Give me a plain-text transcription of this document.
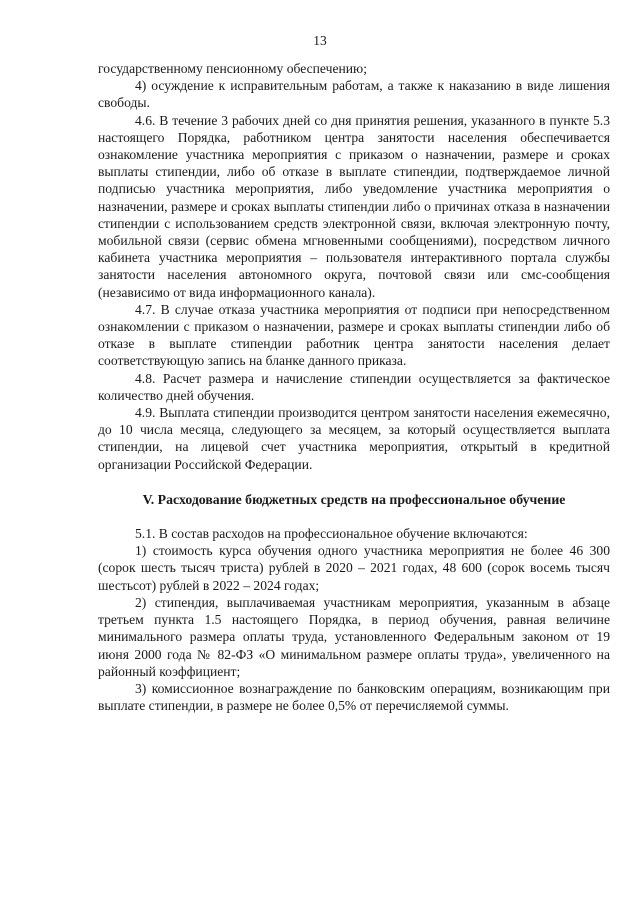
13

государственному пенсионному обеспечению;

4) осуждение к исправительным работам, а также к наказанию в виде лишения свободы.

4.6. В течение 3 рабочих дней со дня принятия решения, указанного в пункте 5.3 настоящего Порядка, работником центра занятости населения обеспечивается ознакомление участника мероприятия с приказом о назначении, размере и сроках выплаты стипендии, либо об отказе в выплате стипендии, подтверждаемое личной подписью участника мероприятия, либо уведомление участника мероприятия о назначении, размере и сроках выплаты стипендии либо о причинах отказа в назначении стипендии с использованием средств электронной связи, включая электронную почту, мобильной связи (сервис обмена мгновенными сообщениями), посредством личного кабинета участника мероприятия – пользователя интерактивного портала службы занятости населения автономного округа, почтовой связи или смс-сообщения (независимо от вида информационного канала).

4.7. В случае отказа участника мероприятия от подписи при непосредственном ознакомлении с приказом о назначении, размере и сроках выплаты стипендии либо об отказе в выплате стипендии работник центра занятости населения делает соответствующую запись на бланке данного приказа.

4.8. Расчет размера и начисление стипендии осуществляется за фактическое количество дней обучения.

4.9. Выплата стипендии производится центром занятости населения ежемесячно, до 10 числа месяца, следующего за месяцем, за который осуществляется выплата стипендии, на лицевой счет участника мероприятия, открытый в кредитной организации Российской Федерации.

V. Расходование бюджетных средств на профессиональное обучение

5.1. В состав расходов на профессиональное обучение включаются:

1) стоимость курса обучения одного участника мероприятия не более 46 300 (сорок шесть тысяч триста) рублей в 2020 – 2021 годах, 48 600 (сорок восемь тысяч шестьсот) рублей в 2022 – 2024 годах;

2) стипендия, выплачиваемая участникам мероприятия, указанным в абзаце третьем пункта 1.5 настоящего Порядка, в период обучения, равная величине минимального размера оплаты труда, установленного Федеральным законом от 19 июня 2000 года № 82-ФЗ «О минимальном размере оплаты труда», увеличенного на районный коэффициент;

3) комиссионное вознаграждение по банковским операциям, возникающим при выплате стипендии, в размере не более 0,5% от перечисляемой суммы.
